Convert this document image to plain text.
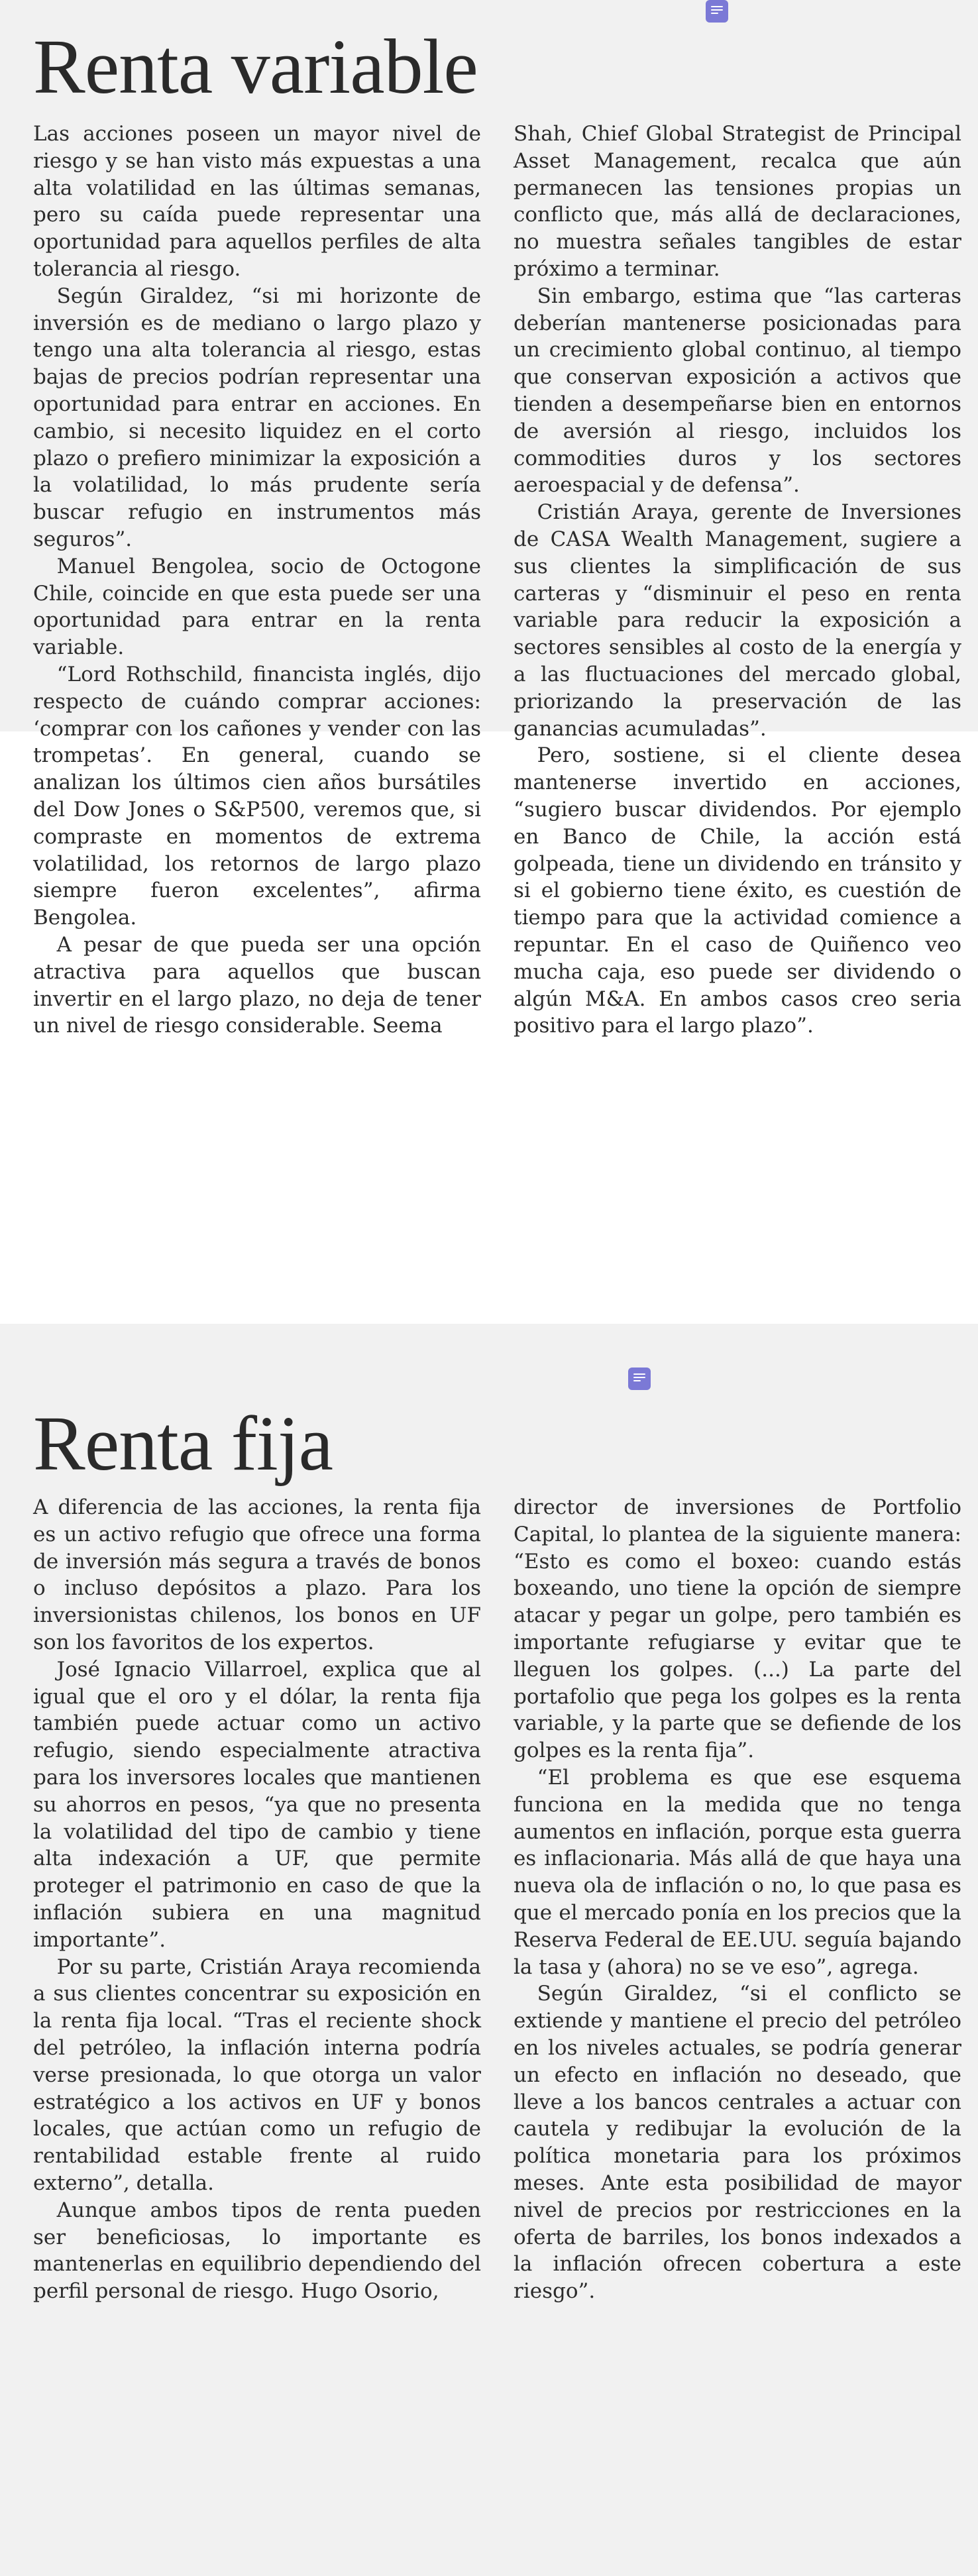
Renta variable

Las acciones poseen un mayor nivel de riesgo y se han visto más expuestas a una alta volatilidad en las últimas semanas, pero su caída puede representar una oportunidad para aquellos perfiles de alta tolerancia al riesgo.

Según Giraldez, “si mi horizonte de inversión es de mediano o largo plazo y tengo una alta tolerancia al riesgo, estas bajas de precios podrían representar una oportunidad para entrar en acciones. En cambio, si necesito liquidez en el corto plazo o prefiero minimizar la exposición a la volatilidad, lo más prudente sería buscar refugio en instrumentos más seguros”.

Manuel Bengolea, socio de Octogone Chile, coincide en que esta puede ser una oportunidad para entrar en la renta variable.

“Lord Rothschild, financista inglés, dijo respecto de cuándo comprar acciones: ‘comprar con los cañones y vender con las trompetas’. En general, cuando se analizan los últimos cien años bursátiles del Dow Jones o S&P500, veremos que, si compraste en momentos de extrema volatilidad, los retornos de largo plazo siempre fueron excelentes”, afirma Bengolea.

A pesar de que pueda ser una opción atractiva para aquellos que buscan invertir en el largo plazo, no deja de tener un nivel de riesgo considerable. Seema

Shah, Chief Global Strategist de Principal Asset Management, recalca que aún permanecen las tensiones propias un conflicto que, más allá de declaraciones, no muestra señales tangibles de estar próximo a terminar.

Sin embargo, estima que “las carteras deberían mantenerse posicionadas para un crecimiento global continuo, al tiempo que conservan exposición a activos que tienden a desempeñarse bien en entornos de aversión al riesgo, incluidos los commodities duros y los sectores aeroespacial y de defensa”.

Cristián Araya, gerente de Inversiones de CASA Wealth Management, sugiere a sus clientes la simplificación de sus carteras y “disminuir el peso en renta variable para reducir la exposición a sectores sensibles al costo de la energía y a las fluctuaciones del mercado global, priorizando la preservación de las ganancias acumuladas”.

Pero, sostiene, si el cliente desea mantenerse invertido en acciones, “sugiero buscar dividendos. Por ejemplo en Banco de Chile, la acción está golpeada, tiene un dividendo en tránsito y si el gobierno tiene éxito, es cuestión de tiempo para que la actividad comience a repuntar. En el caso de Quiñenco veo mucha caja, eso puede ser dividendo o algún M&A. En ambos casos creo seria positivo para el largo plazo”.

Renta fija

A diferencia de las acciones, la renta fija es un activo refugio que ofrece una forma de inversión más segura a través de bonos o incluso depósitos a plazo. Para los inversionistas chilenos, los bonos en UF son los favoritos de los expertos.

José Ignacio Villarroel, explica que al igual que el oro y el dólar, la renta fija también puede actuar como un activo refugio, siendo especialmente atractiva para los inversores locales que mantienen su ahorros en pesos, “ya que no presenta la volatilidad del tipo de cambio y tiene alta indexación a UF, que permite proteger el patrimonio en caso de que la inflación subiera en una magnitud importante”.

Por su parte, Cristián Araya recomienda a sus clientes concentrar su exposición en la renta fija local. “Tras el reciente shock del petróleo, la inflación interna podría verse presionada, lo que otorga un valor estratégico a los activos en UF y bonos locales, que actúan como un refugio de rentabilidad estable frente al ruido externo”, detalla.

Aunque ambos tipos de renta pueden ser beneficiosas, lo importante es mantenerlas en equilibrio dependiendo del perfil personal de riesgo. Hugo Osorio,

director de inversiones de Portfolio Capital, lo plantea de la siguiente manera: “Esto es como el boxeo: cuando estás boxeando, uno tiene la opción de siempre atacar y pegar un golpe, pero también es importante refugiarse y evitar que te lleguen los golpes. (...) La parte del portafolio que pega los golpes es la renta variable, y la parte que se defiende de los golpes es la renta fija”.

“El problema es que ese esquema funciona en la medida que no tenga aumentos en inflación, porque esta guerra es inflacionaria. Más allá de que haya una nueva ola de inflación o no, lo que pasa es que el mercado ponía en los precios que la Reserva Federal de EE.UU. seguía bajando la tasa y (ahora) no se ve eso”, agrega.

Según Giraldez, “si el conflicto se extiende y mantiene el precio del petróleo en los niveles actuales, se podría generar un efecto en inflación no deseado, que lleve a los bancos centrales a actuar con cautela y redibujar la evolución de la política monetaria para los próximos meses. Ante esta posibilidad de mayor nivel de precios por restricciones en la oferta de barriles, los bonos indexados a la inflación ofrecen cobertura a este riesgo”.
